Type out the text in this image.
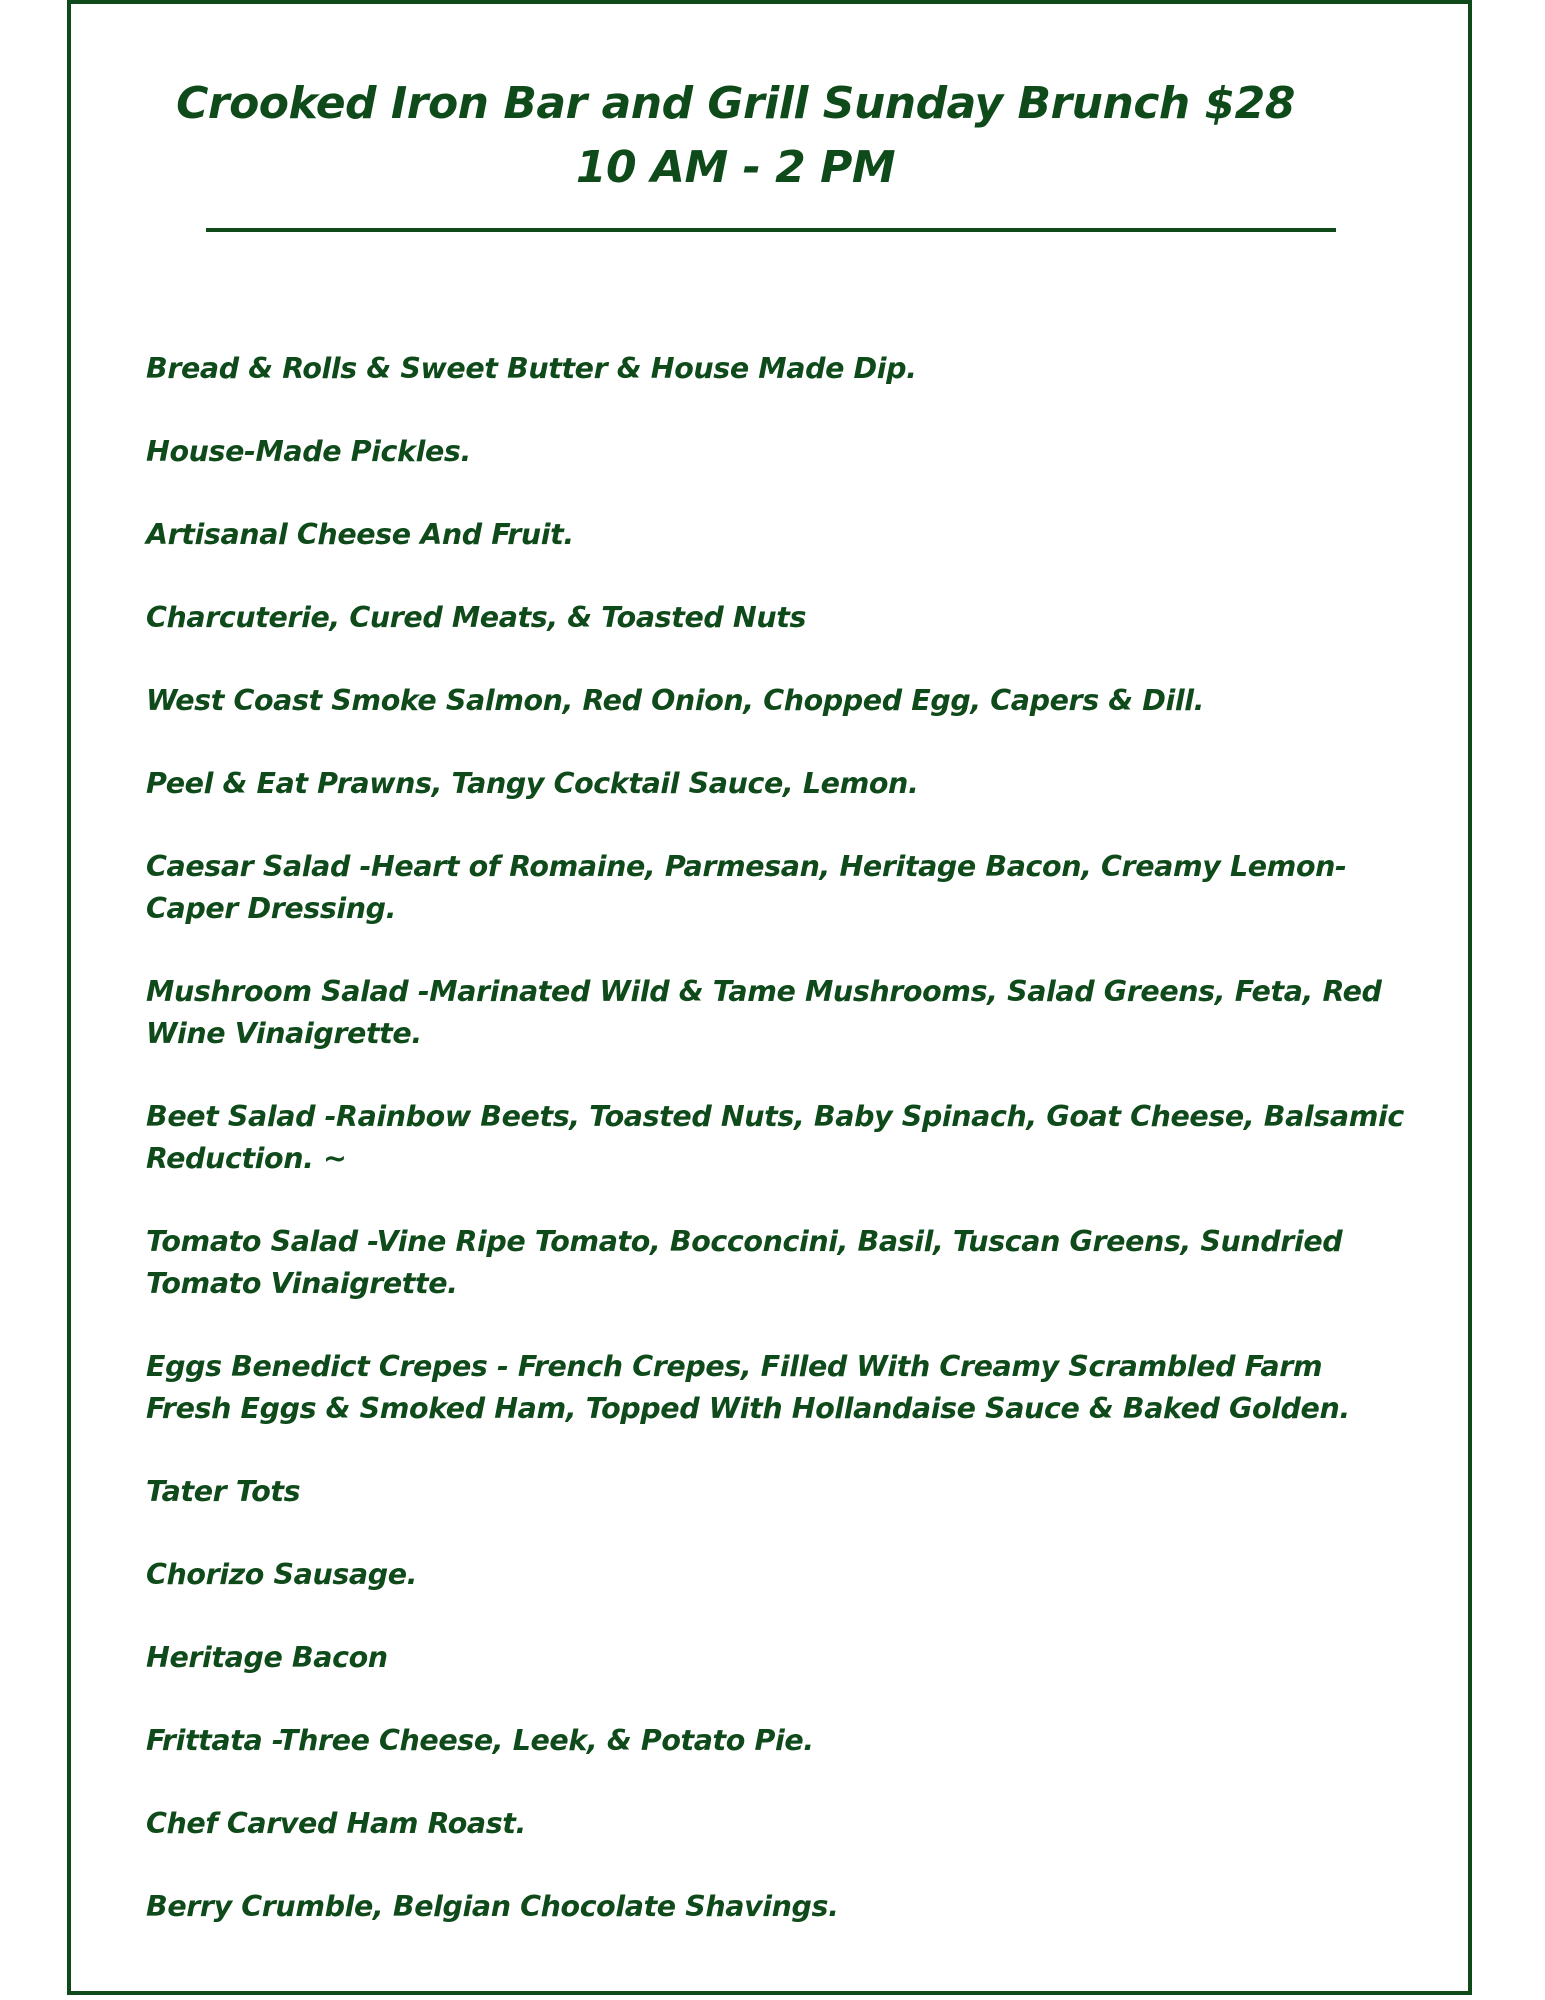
Crooked Iron Bar and Grill Sunday Brunch $28
10 AM - 2 PM
Bread & Rolls & Sweet Butter & House Made Dip.
House-Made Pickles.
Artisanal Cheese And Fruit.
Charcuterie, Cured Meats, & Toasted Nuts
West Coast Smoke Salmon, Red Onion, Chopped Egg, Capers & Dill.
Peel & Eat Prawns, Tangy Cocktail Sauce, Lemon.
Caesar Salad -Heart of Romaine, Parmesan, Heritage Bacon, Creamy Lemon- Caper Dressing.
Mushroom Salad -Marinated Wild & Tame Mushrooms, Salad Greens, Feta, Red Wine Vinaigrette.
Beet Salad -Rainbow Beets, Toasted Nuts, Baby Spinach, Goat Cheese, Balsamic Reduction. ~
Tomato Salad -Vine Ripe Tomato, Bocconcini, Basil, Tuscan Greens, Sundried Tomato Vinaigrette.
Eggs Benedict Crepes - French Crepes, Filled With Creamy Scrambled Farm Fresh Eggs & Smoked Ham, Topped With Hollandaise Sauce & Baked Golden.
Tater Tots
Chorizo Sausage.
Heritage Bacon
Frittata -Three Cheese, Leek, & Potato Pie.
Chef Carved Ham Roast.
Berry Crumble, Belgian Chocolate Shavings.
